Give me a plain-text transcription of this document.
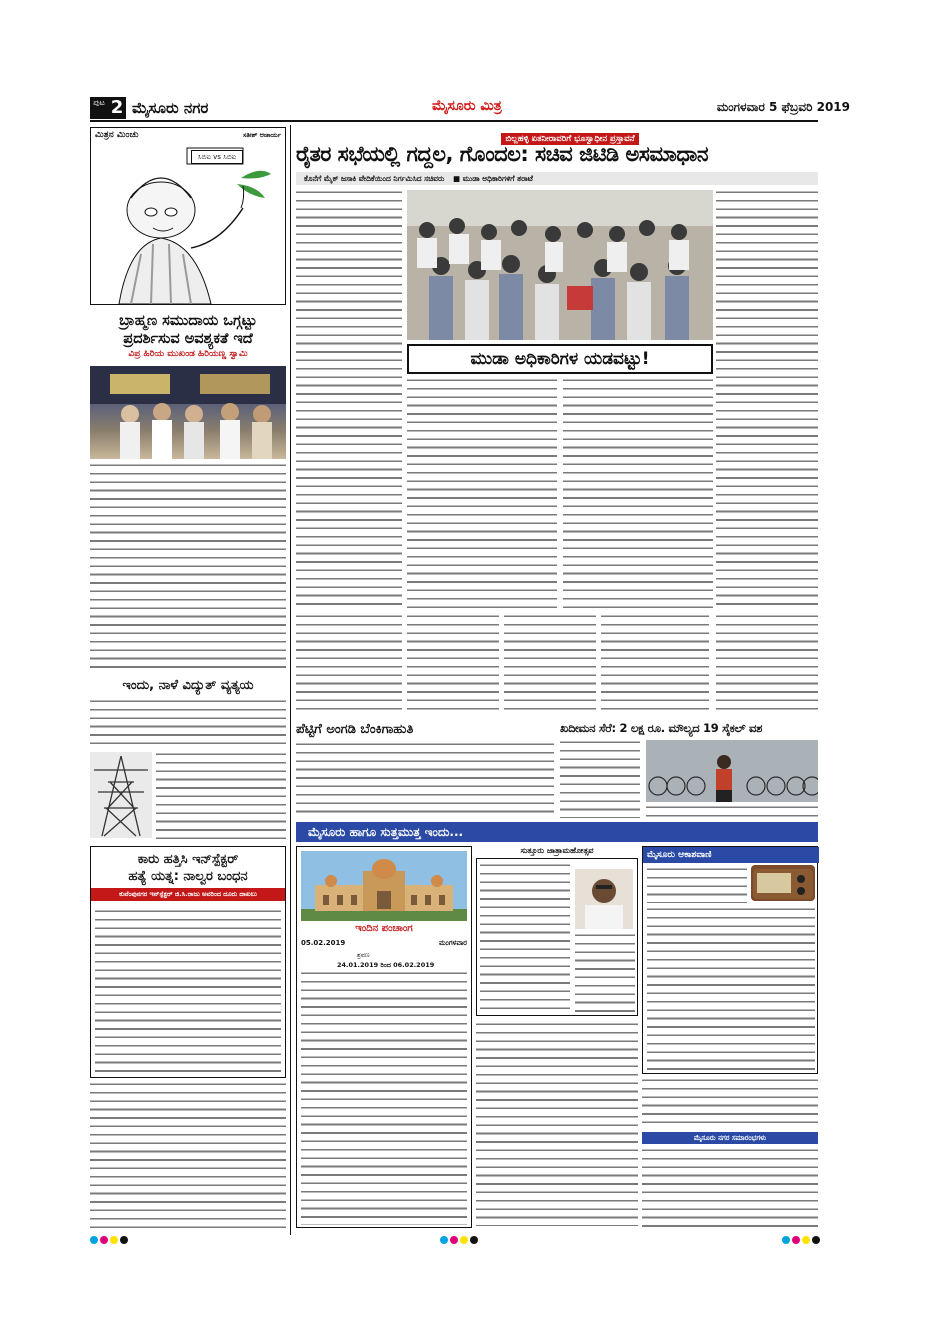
ಪುಟ 2 ಮೈಸೂರು ನಗರ	ಮೈಸೂರು ಮಿತ್ರ	ಮಂಗಳವಾರ 5 ಫೆಬ್ರವರಿ 2019
ಮಿತ್ರನ ಮಿಂಚು	ಸತೀಶ್ ಆಚಾರ್ಯ
ಸಿಬಿಐ vs ಸಿಬಿಐ
ಬ್ರಾಹ್ಮಣ ಸಮುದಾಯ ಒಗ್ಗಟ್ಟು
ಪ್ರದರ್ಶಿಸುವ ಅವಶ್ಯಕತೆ ಇದೆ
ವಿಪ್ರ ಹಿರಿಯ ಮುಖಂಡ ಹಿರಿಯಣ್ಣ ಸ್ವಾಮಿ
ಇಂದು, ನಾಳೆ ವಿದ್ಯುತ್ ವ್ಯತ್ಯಯ
ಕಾರು ಹತ್ತಿಸಿ ಇನ್‌ಸ್ಪೆಕ್ಟರ್
ಹತ್ಯೆ ಯತ್ನ: ನಾಲ್ವರ ಬಂಧನ
ಕುವೆಂಪುನಗರ ಇನ್‌ಸ್ಪೆಕ್ಟರ್ ಜಿ.ಸಿ.ರಾಜು ಅವರಿಂದ ದೂರು ದಾಖಲು
ಬಿಲ್ಲಹಳ್ಳಿ ಏತನೀರಾವರಿಗೆ ಭೂಸ್ವಾಧೀನ ಪ್ರಸ್ತಾವನೆ
ರೈತರ ಸಭೆಯಲ್ಲಿ ಗದ್ದಲ, ಗೊಂದಲ: ಸಚಿವ ಜಿಟಿಡಿ ಅಸಮಾಧಾನ
ಕೊನೆಗೆ ಮೈಕ್ ಜಸಾಕಿ ವೇದಿಕೆಯಿಂದ ನಿರ್ಗಮಿಸಿದ ಸಚಿವರು ■ ಮುಡಾ ಅಧಿಕಾರಿಗಳಿಗೆ ತರಾಟೆ
ಮುಡಾ ಅಧಿಕಾರಿಗಳ ಯಡವಟ್ಟು!
ಪೆಟ್ಟಿಗೆ ಅಂಗಡಿ ಬೆಂಕಿಗಾಹುತಿ	ಖದೀಮನ ಸೆರೆ: 2 ಲಕ್ಷ ರೂ. ಮೌಲ್ಯದ 19 ಸೈಕಲ್ ವಶ
ಮೈಸೂರು ಹಾಗೂ ಸುತ್ತಮುತ್ತ ಇಂದು...
ಇಂದಿನ ಪಂಚಾಂಗ
05.02.2019	ಮಂಗಳವಾರ
ಶ್ರವಣ
24.01.2019 ರಿಂದ 06.02.2019
ಸುತ್ತೂರು ಜಾತ್ರಾಮಹೋತ್ಸವ	ಮೈಸೂರು ಆಕಾಶವಾಣಿ
ಮೈಸೂರು ನಗರ ಸಮಾರಂಭಗಳು
